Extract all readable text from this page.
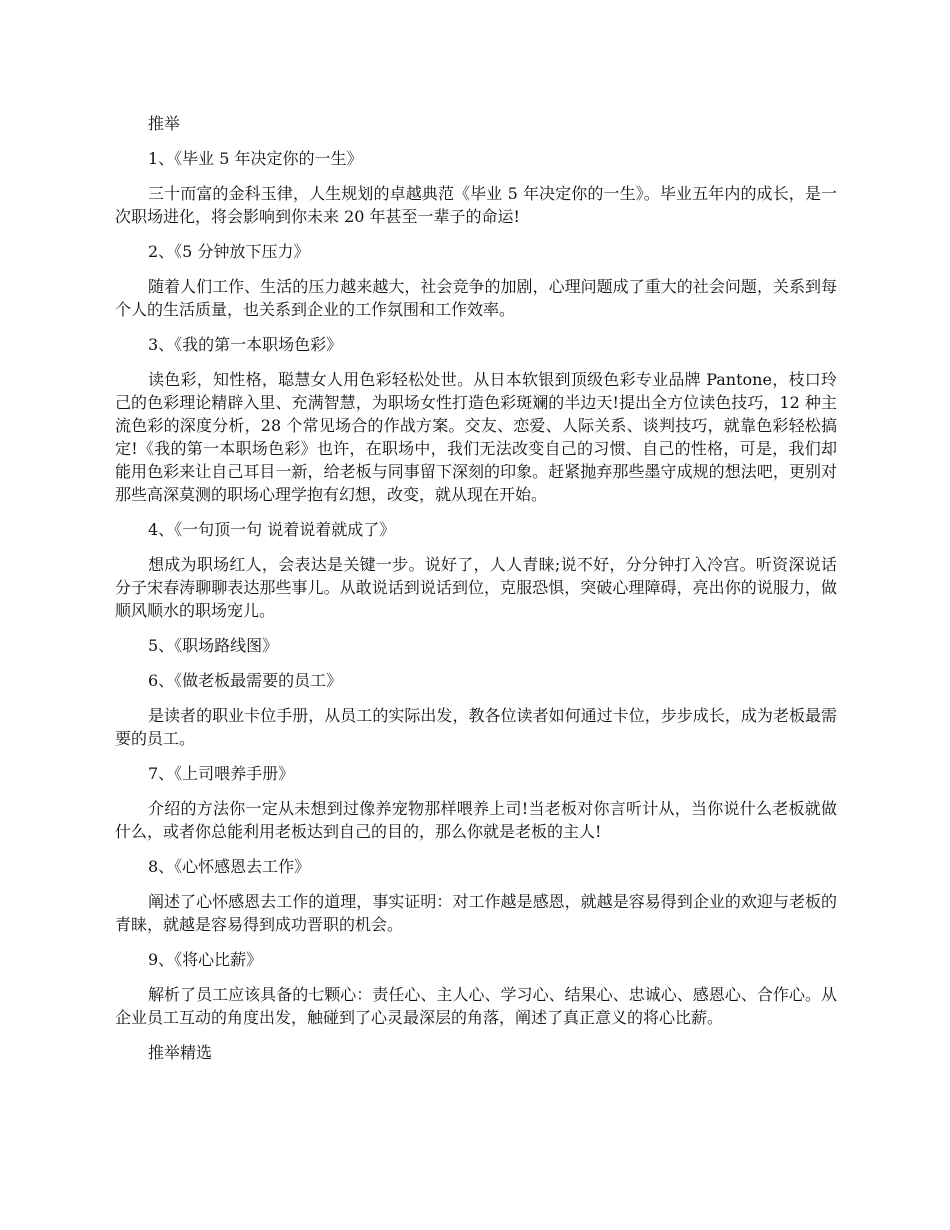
推举

1、《毕业 5 年决定你的一生》

三十而富的金科玉律，人生规划的卓越典范《毕业 5 年决定你的一生》。毕业五年内的成长，是一次职场进化，将会影响到你未来 20 年甚至一辈子的命运!

2、《5 分钟放下压力》

随着人们工作、生活的压力越来越大，社会竞争的加剧，心理问题成了重大的社会问题，关系到每个人的生活质量，也关系到企业的工作氛围和工作效率。

3、《我的第一本职场色彩》

读色彩，知性格，聪慧女人用色彩轻松处世。从日本软银到顶级色彩专业品牌 Pantone，枝口玲己的色彩理论精辟入里、充满智慧，为职场女性打造色彩斑斓的半边天!提出全方位读色技巧，12 种主流色彩的深度分析，28 个常见场合的作战方案。交友、恋爱、人际关系、谈判技巧，就靠色彩轻松搞定!《我的第一本职场色彩》也许，在职场中，我们无法改变自己的习惯、自己的性格，可是，我们却能用色彩来让自己耳目一新，给老板与同事留下深刻的印象。赶紧抛弃那些墨守成规的想法吧，更别对那些高深莫测的职场心理学抱有幻想，改变，就从现在开始。

4、《一句顶一句 说着说着就成了》

想成为职场红人，会表达是关键一步。说好了，人人青睐;说不好，分分钟打入冷宫。听资深说话分子宋春涛聊聊表达那些事儿。从敢说话到说话到位，克服恐惧，突破心理障碍，亮出你的说服力，做顺风顺水的职场宠儿。

5、《职场路线图》

6、《做老板最需要的员工》

是读者的职业卡位手册，从员工的实际出发，教各位读者如何通过卡位，步步成长，成为老板最需要的员工。

7、《上司喂养手册》

介绍的方法你一定从未想到过像养宠物那样喂养上司!当老板对你言听计从，当你说什么老板就做什么，或者你总能利用老板达到自己的目的，那么你就是老板的主人!

8、《心怀感恩去工作》

阐述了心怀感恩去工作的道理，事实证明：对工作越是感恩，就越是容易得到企业的欢迎与老板的青睐，就越是容易得到成功晋职的机会。

9、《将心比薪》

解析了员工应该具备的七颗心：责任心、主人心、学习心、结果心、忠诚心、感恩心、合作心。从企业员工互动的角度出发，触碰到了心灵最深层的角落，阐述了真正意义的将心比薪。

推举精选
